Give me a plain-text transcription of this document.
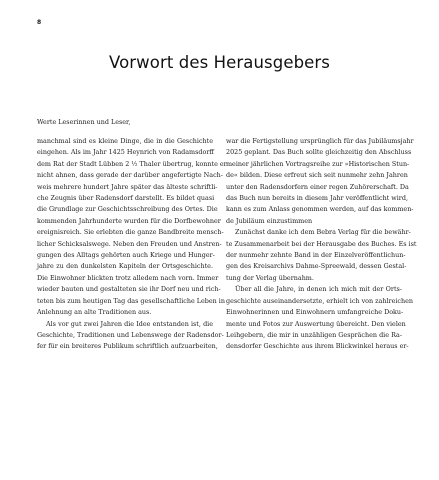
8
Vorwort des Herausgebers
Werte Leserinnen und Leser,
manchmal sind es kleine Dinge, die in die Geschichte
eingehen. Als im Jahr 1425 Heynrich von Radamsdorff
dem Rat der Stadt Lübben 2 ½ Thaler übertrug, konnte er
nicht ahnen, dass gerade der darüber angefertigte Nach-
weis mehrere hundert Jahre später das älteste schriftli-
che Zeugnis über Radensdorf darstellt. Es bildet quasi
die Grundlage zur Geschichtsschreibung des Ortes. Die
kommenden Jahrhunderte wurden für die Dorfbewohner
ereignisreich. Sie erlebten die ganze Bandbreite mensch-
licher Schicksalswege. Neben den Freuden und Anstren-
gungen des Alltags gehörten auch Kriege und Hunger-
jahre zu den dunkelsten Kapiteln der Ortsgeschichte.
Die Einwohner blickten trotz alledem nach vorn. Immer
wieder bauten und gestalteten sie ihr Dorf neu und rich-
teten bis zum heutigen Tag das gesellschaftliche Leben in
Anlehnung an alte Traditionen aus.
Als vor gut zwei Jahren die Idee entstanden ist, die
Geschichte, Traditionen und Lebenswege der Radensdor-
fer für ein breiteres Publikum schriftlich aufzuarbeiten,
war die Fertigstellung ursprünglich für das Jubiläumsjahr
2025 geplant. Das Buch sollte gleichzeitig den Abschluss
meiner jährlichen Vortragsreihe zur »Historischen Stun-
de« bilden. Diese erfreut sich seit nunmehr zehn Jahren
unter den Radensdorfern einer regen Zuhörerschaft. Da
das Buch nun bereits in diesem Jahr veröffentlicht wird,
kann es zum Anlass genommen werden, auf das kommen-
de Jubiläum einzustimmen
Zunächst danke ich dem Bebra Verlag für die bewähr-
te Zusammenarbeit bei der Herausgabe des Buches. Es ist
der nunmehr zehnte Band in der Einzelveröffentlichun-
gen des Kreisarchivs Dahme-Spreewald, dessen Gestal-
tung der Verlag übernahm.
Über all die Jahre, in denen ich mich mit der Orts-
geschichte auseinandersetzte, erhielt ich von zahlreichen
Einwohnerinnen und Einwohnern umfangreiche Doku-
mente und Fotos zur Auswertung übereicht. Den vielen
Leihgebern, die mir in unzähligen Gesprächen die Ra-
densdorfer Geschichte aus ihrem Blickwinkel heraus er-
